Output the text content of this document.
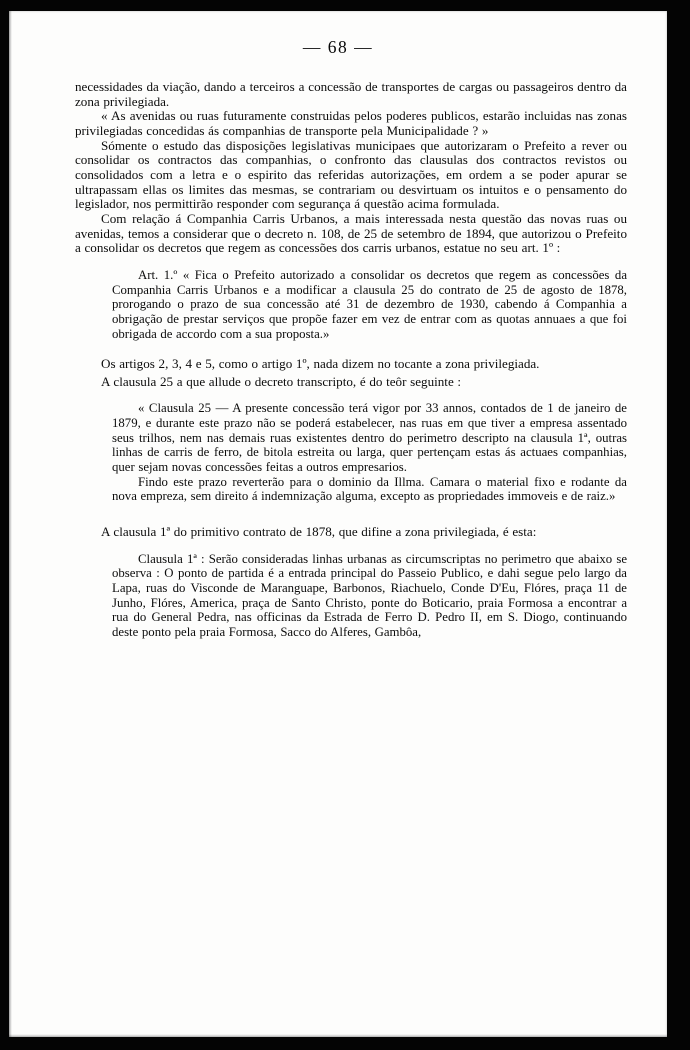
— 68 —

necessidades da viação, dando a terceiros a concessão de transportes de cargas ou passageiros dentro da zona privilegiada.

« As avenidas ou ruas futuramente construidas pelos poderes publicos, estarão incluidas nas zonas privilegiadas concedidas ás companhias de transporte pela Municipalidade ? »

Sómente o estudo das disposições legislativas municipaes que autorizaram o Prefeito a rever ou consolidar os contractos das companhias, o confronto das clausulas dos contractos revistos ou consolidados com a letra e o espirito das referidas autorizações, em ordem a se poder apurar se ultrapassam ellas os limites das mesmas, se contrariam ou desvirtuam os intuitos e o pensamento do legislador, nos permittirão responder com segurança á questão acima formulada.

Com relação á Companhia Carris Urbanos, a mais interessada nesta questão das novas ruas ou avenidas, temos a considerar que o decreto n. 108, de 25 de setembro de 1894, que autorizou o Prefeito a consolidar os decretos que regem as concessões dos carris urbanos, estatue no seu art. 1º :

Art. 1.º « Fica o Prefeito autorizado a consolidar os decretos que regem as concessões da Companhia Carris Urbanos e a modificar a clausula 25 do contrato de 25 de agosto de 1878, prorogando o prazo de sua concessão até 31 de dezembro de 1930, cabendo á Companhia a obrigação de prestar serviços que propõe fazer em vez de entrar com as quotas annuaes a que foi obrigada de accordo com a sua proposta.»

Os artigos 2, 3, 4 e 5, como o artigo 1º, nada dizem no tocante a zona privilegiada.

A clausula 25 a que allude o decreto transcripto, é do teôr seguinte :

« Clausula 25 — A presente concessão terá vigor por 33 annos, contados de 1 de janeiro de 1879, e durante este prazo não se poderá estabelecer, nas ruas em que tiver a empresa assentado seus trilhos, nem nas demais ruas existentes dentro do perimetro descripto na clausula 1ª, outras linhas de carris de ferro, de bitola estreita ou larga, quer pertençam estas ás actuaes companhias, quer sejam novas concessões feitas a outros empresarios.

Findo este prazo reverterão para o dominio da Illma. Camara o material fixo e rodante da nova empreza, sem direito á indemnização alguma, excepto as propriedades immoveis e de raiz.»

A clausula 1ª do primitivo contrato de 1878, que difine a zona privilegiada, é esta:

Clausula 1ª : Serão consideradas linhas urbanas as circumscriptas no perimetro que abaixo se observa : O ponto de partida é a entrada principal do Passeio Publico, e dahi segue pelo largo da Lapa, ruas do Visconde de Maranguape, Barbonos, Riachuelo, Conde D'Eu, Flóres, praça 11 de Junho, Flóres, America, praça de Santo Christo, ponte do Boticario, praia Formosa a encontrar a rua do General Pedra, nas officinas da Estrada de Ferro D. Pedro II, em S. Diogo, continuando deste ponto pela praia Formosa, Sacco do Alferes, Gambôa,
